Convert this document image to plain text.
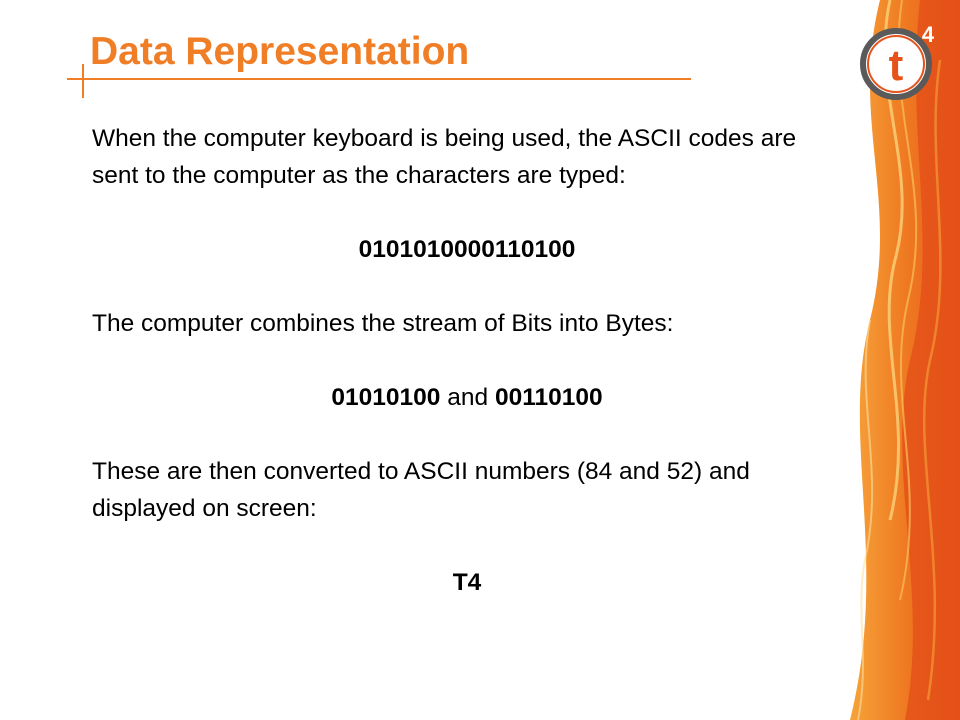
Data Representation	t
4

When the computer keyboard is being used, the ASCII codes are sent to the computer as the characters are typed:

0101010000110100

The computer combines the stream of Bits into Bytes:

01010100 and 00110100

These are then converted to ASCII numbers (84 and 52) and displayed on screen:

T4
